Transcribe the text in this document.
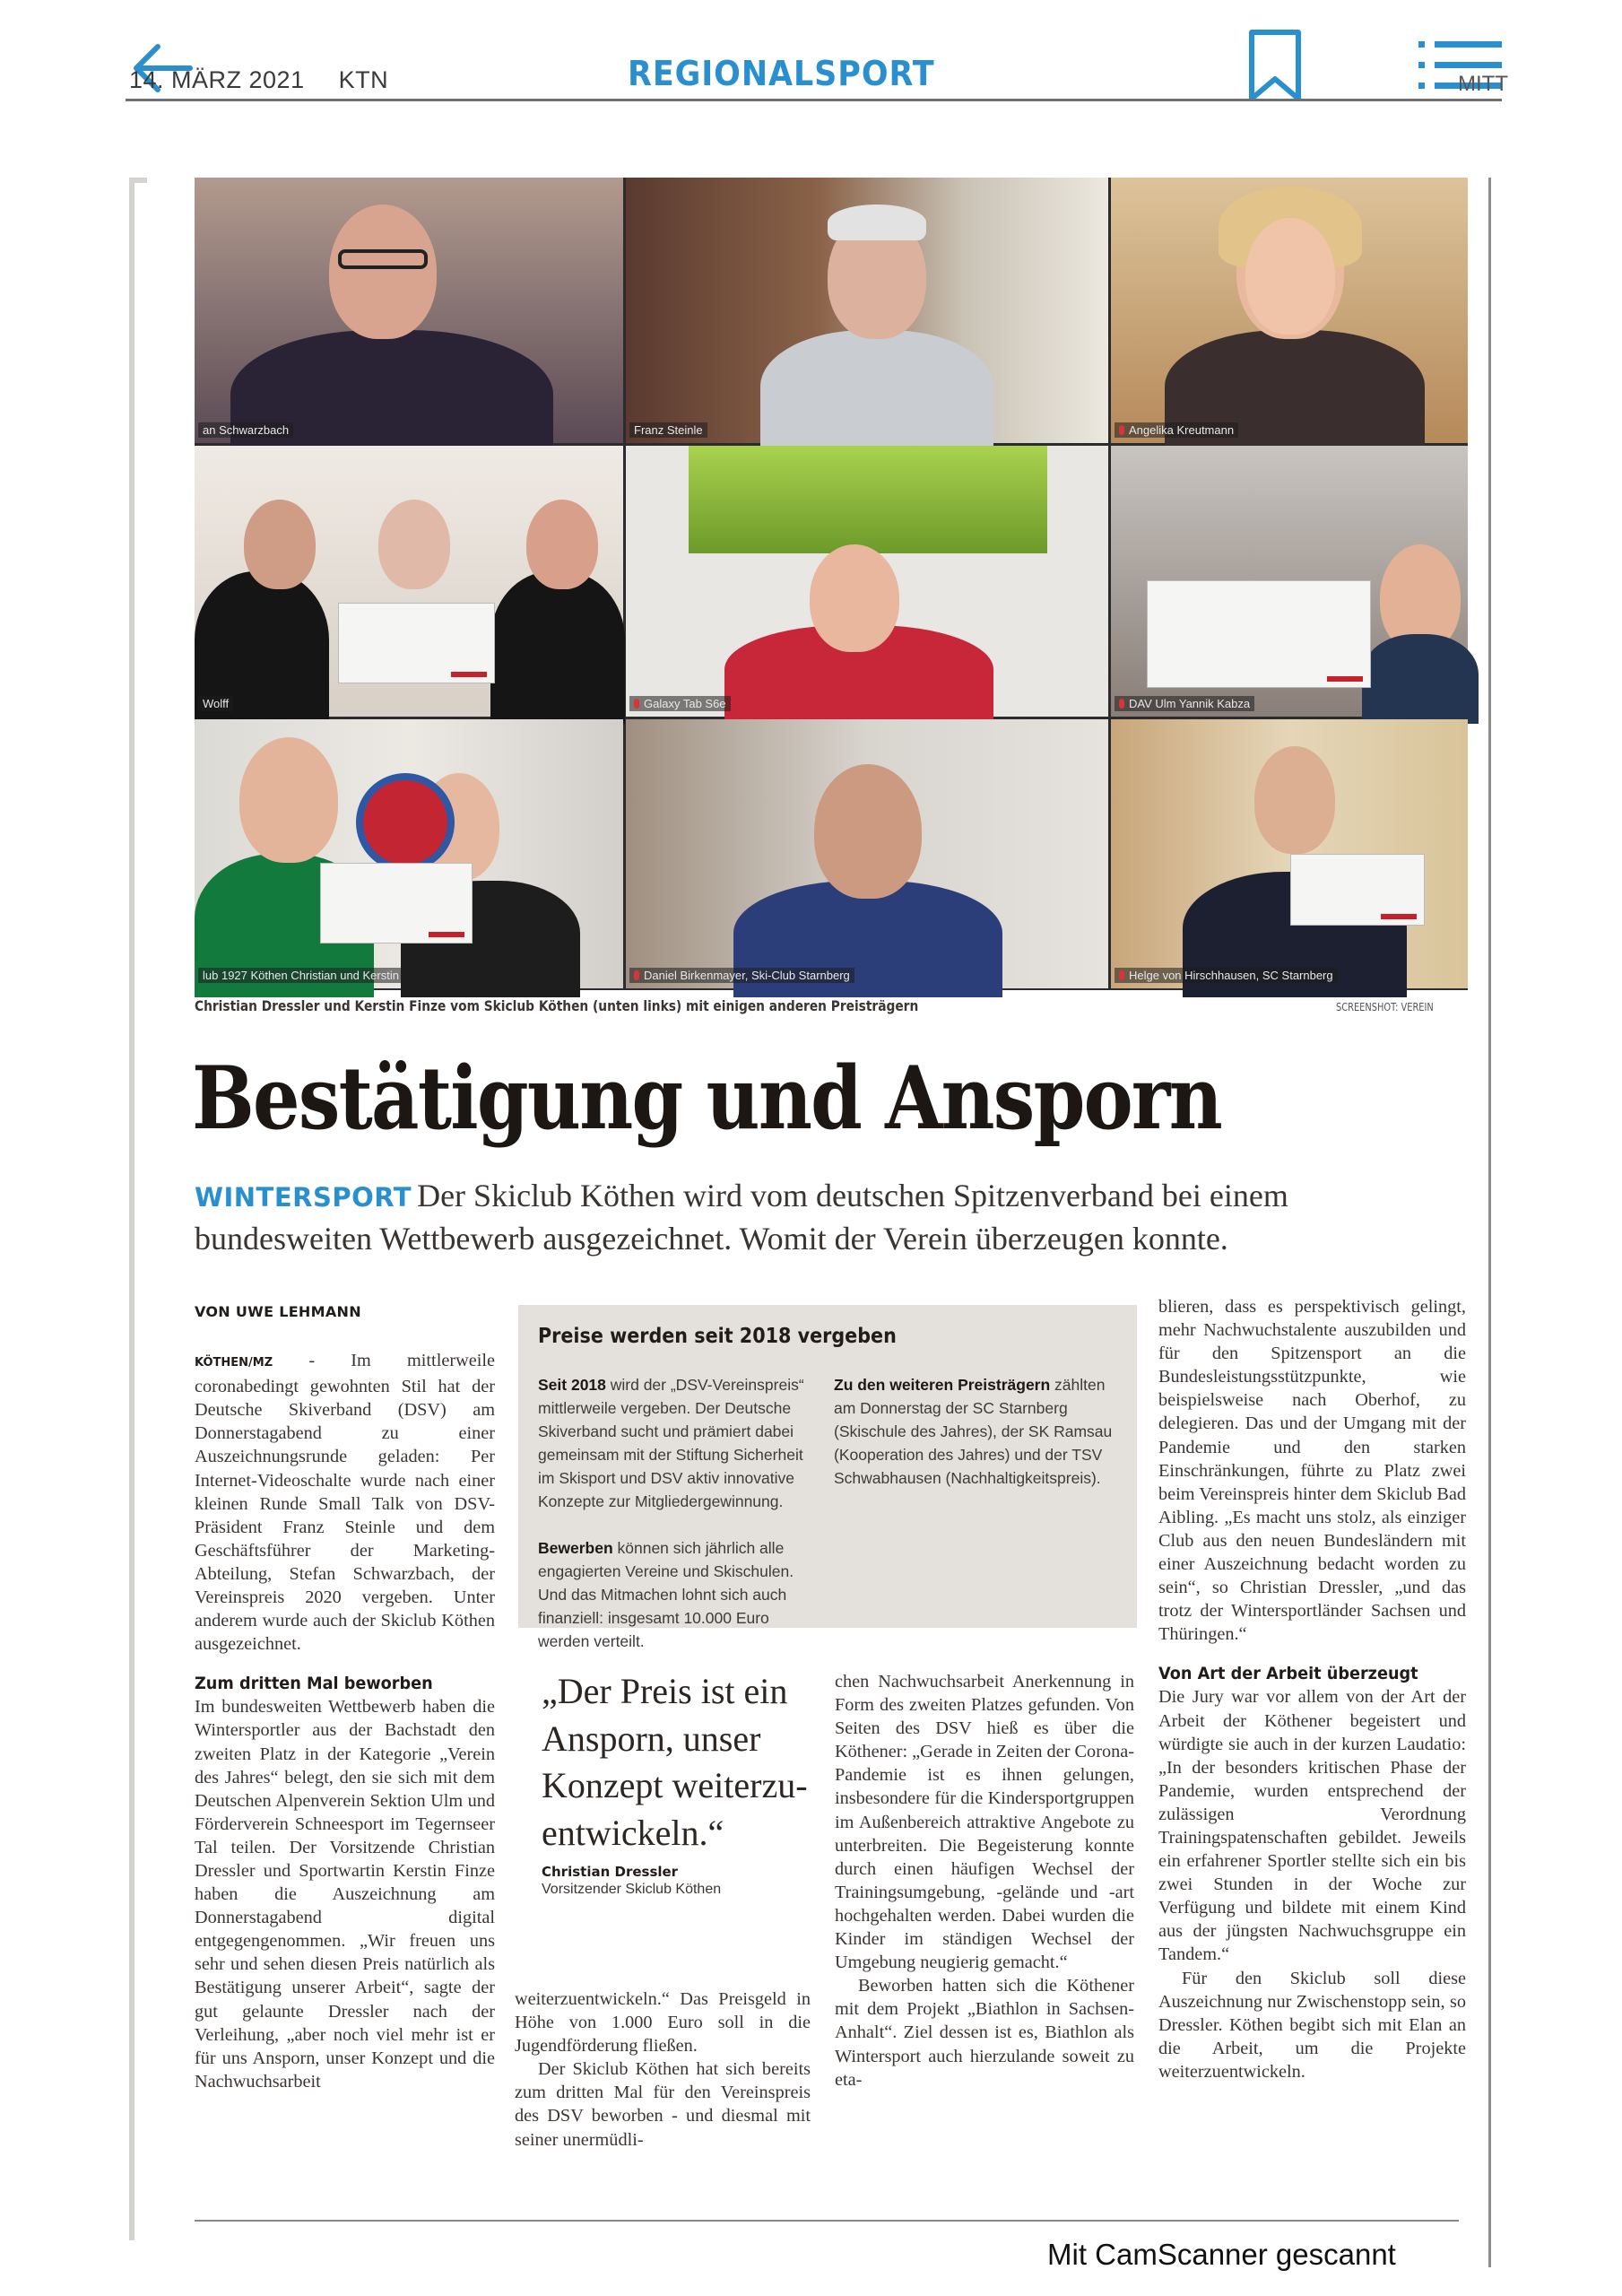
14. MÄRZ 2021 KTN	REGIONALSPORT	MITT
an Schwarzbach	Franz Steinle	Angelika Kreutmann
Wolff	Galaxy Tab S6e	DAV Ulm Yannik Kabza
lub 1927 Köthen Christian und Kerstin	Daniel Birkenmayer, Ski-Club Starnberg	Helge von Hirschhausen, SC Starnberg
Christian Dressler und Kerstin Finze vom Skiclub Köthen (unten links) mit einigen anderen Preisträgern	SCREENSHOT: VEREIN
Bestätigung und Ansporn
WINTERSPORT Der Skiclub Köthen wird vom deutschen Spitzenverband bei einem bundesweiten Wettbewerb ausgezeichnet. Womit der Verein überzeugen konnte.
VON UWE LEHMANN

KÖTHEN/MZ - Im mittlerweile coronabedingt gewohnten Stil hat der Deutsche Skiverband (DSV) am Donnerstagabend zu einer Auszeichnungsrunde geladen: Per Internet-Videoschalte wurde nach einer kleinen Runde Small Talk von DSV-Präsident Franz Steinle und dem Geschäftsführer der Marketing-Abteilung, Stefan Schwarzbach, der Vereinspreis 2020 vergeben. Unter anderem wurde auch der Skiclub Köthen ausgezeichnet.

Zum dritten Mal beworben

Im bundesweiten Wettbewerb haben die Wintersportler aus der Bachstadt den zweiten Platz in der Kategorie „Verein des Jahres“ belegt, den sie sich mit dem Deutschen Alpenverein Sektion Ulm und Förderverein Schneesport im Tegernseer Tal teilen. Der Vorsitzende Christian Dressler und Sportwartin Kerstin Finze haben die Auszeichnung am Donnerstagabend digital entgegengenommen. „Wir freuen uns sehr und sehen diesen Preis natürlich als Bestätigung unserer Arbeit“, sagte der gut gelaunte Dressler nach der Verleihung, „aber noch viel mehr ist er für uns Ansporn, unser Konzept und die Nachwuchsarbeit

Preise werden seit 2018 vergeben

Seit 2018 wird der „DSV-Vereinspreis“ mittlerweile vergeben. Der Deutsche Skiverband sucht und prämiert dabei gemeinsam mit der Stiftung Sicherheit im Skisport und DSV aktiv innovative Konzepte zur Mitgliedergewinnung.

Bewerben können sich jährlich alle engagierten Vereine und Skischulen. Und das Mitmachen lohnt sich auch finanziell: insgesamt 10.000 Euro werden verteilt.

Zu den weiteren Preisträgern zählten am Donnerstag der SC Starnberg (Skischule des Jahres), der SK Ramsau (Kooperation des Jahres) und der TSV Schwabhausen (Nachhaltigkeitspreis).

„Der Preis ist ein Ansporn, unser Konzept weiterzu-entwickeln.“
Christian Dressler
Vorsitzender Skiclub Köthen

weiterzuentwickeln.“ Das Preisgeld in Höhe von 1.000 Euro soll in die Jugendförderung fließen.

Der Skiclub Köthen hat sich bereits zum dritten Mal für den Vereinspreis des DSV beworben - und diesmal mit seiner unermüdli-

chen Nachwuchsarbeit Anerkennung in Form des zweiten Platzes gefunden. Von Seiten des DSV hieß es über die Köthener: „Gerade in Zeiten der Corona-Pandemie ist es ihnen gelungen, insbesondere für die Kindersportgruppen im Außenbereich attraktive Angebote zu unterbreiten. Die Begeisterung konnte durch einen häufigen Wechsel der Trainingsumgebung, -gelände und -art hochgehalten werden. Dabei wurden die Kinder im ständigen Wechsel der Umgebung neugierig gemacht.“

Beworben hatten sich die Köthener mit dem Projekt „Biathlon in Sachsen-Anhalt“. Ziel dessen ist es, Biathlon als Wintersport auch hierzulande soweit zu eta-

blieren, dass es perspektivisch gelingt, mehr Nachwuchstalente auszubilden und für den Spitzensport an die Bundesleistungsstützpunkte, wie beispielsweise nach Oberhof, zu delegieren. Das und der Umgang mit der Pandemie und den starken Einschränkungen, führte zu Platz zwei beim Vereinspreis hinter dem Skiclub Bad Aibling. „Es macht uns stolz, als einziger Club aus den neuen Bundesländern mit einer Auszeichnung bedacht worden zu sein“, so Christian Dressler, „und das trotz der Wintersportländer Sachsen und Thüringen.“

Von Art der Arbeit überzeugt

Die Jury war vor allem von der Art der Arbeit der Köthener begeistert und würdigte sie auch in der kurzen Laudatio: „In der besonders kritischen Phase der Pandemie, wurden entsprechend der zulässigen Verordnung Trainingspatenschaften gebildet. Jeweils ein erfahrener Sportler stellte sich ein bis zwei Stunden in der Woche zur Verfügung und bildete mit einem Kind aus der jüngsten Nachwuchsgruppe ein Tandem.“

Für den Skiclub soll diese Auszeichnung nur Zwischenstopp sein, so Dressler. Köthen begibt sich mit Elan an die Arbeit, um die Projekte weiterzuentwickeln.

Mit CamScanner gescannt
